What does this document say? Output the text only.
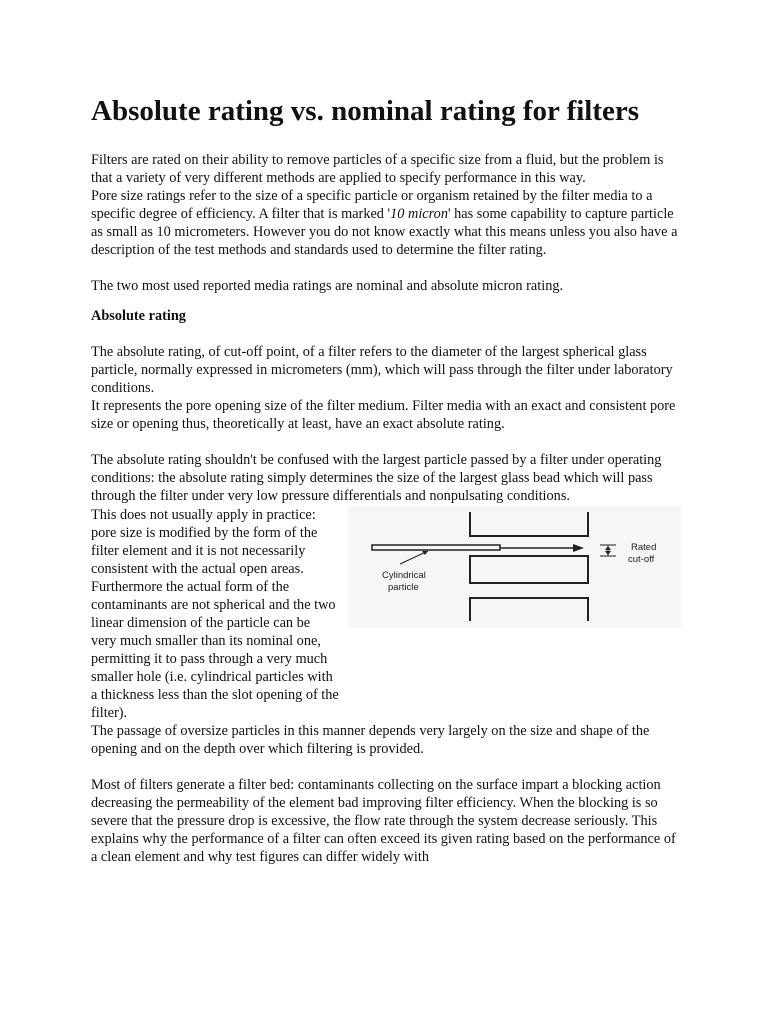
Absolute rating vs. nominal rating for filters

Filters are rated on their ability to remove particles of a specific size from a fluid, but the problem is that a variety of very different methods are applied to specify performance in this way.

Pore size ratings refer to the size of a specific particle or organism retained by the filter media to a specific degree of efficiency. A filter that is marked '10 micron' has some capability to capture particle as small as 10 micrometers. However you do not know exactly what this means unless you also have a description of the test methods and standards used to determine the filter rating.

The two most used reported media ratings are nominal and absolute micron rating.

Absolute rating

The absolute rating, of cut-off point, of a filter refers to the diameter of the largest spherical glass particle, normally expressed in micrometers (mm), which will pass through the filter under laboratory conditions.

It represents the pore opening size of the filter medium. Filter media with an exact and consistent pore size or opening thus, theoretically at least, have an exact absolute rating.

The absolute rating shouldn't be confused with the largest particle passed by a filter under operating conditions: the absolute rating simply determines the size of the largest glass bead which will pass through the filter under very low pressure differentials and nonpulsating conditions.

This does not usually apply in practice: pore size is modified by the form of the filter element and it is not necessarily consistent with the actual open areas. Furthermore the actual form of the contaminants are not spherical and the two linear dimension of the particle can be very much smaller than its nominal one, permitting it to pass through a very much smaller hole (i.e. cylindrical particles with a thickness less than the slot opening of the filter).

Cylindrical
particle
Rated
cut-off

The passage of oversize particles in this manner depends very largely on the size and shape of the opening and on the depth over which filtering is provided.

Most of filters generate a filter bed: contaminants collecting on the surface impart a blocking action decreasing the permeability of the element bad improving filter efficiency. When the blocking is so severe that the pressure drop is excessive, the flow rate through the system decrease seriously. This explains why the performance of a filter can often exceed its given rating based on the performance of a clean element and why test figures can differ widely with
